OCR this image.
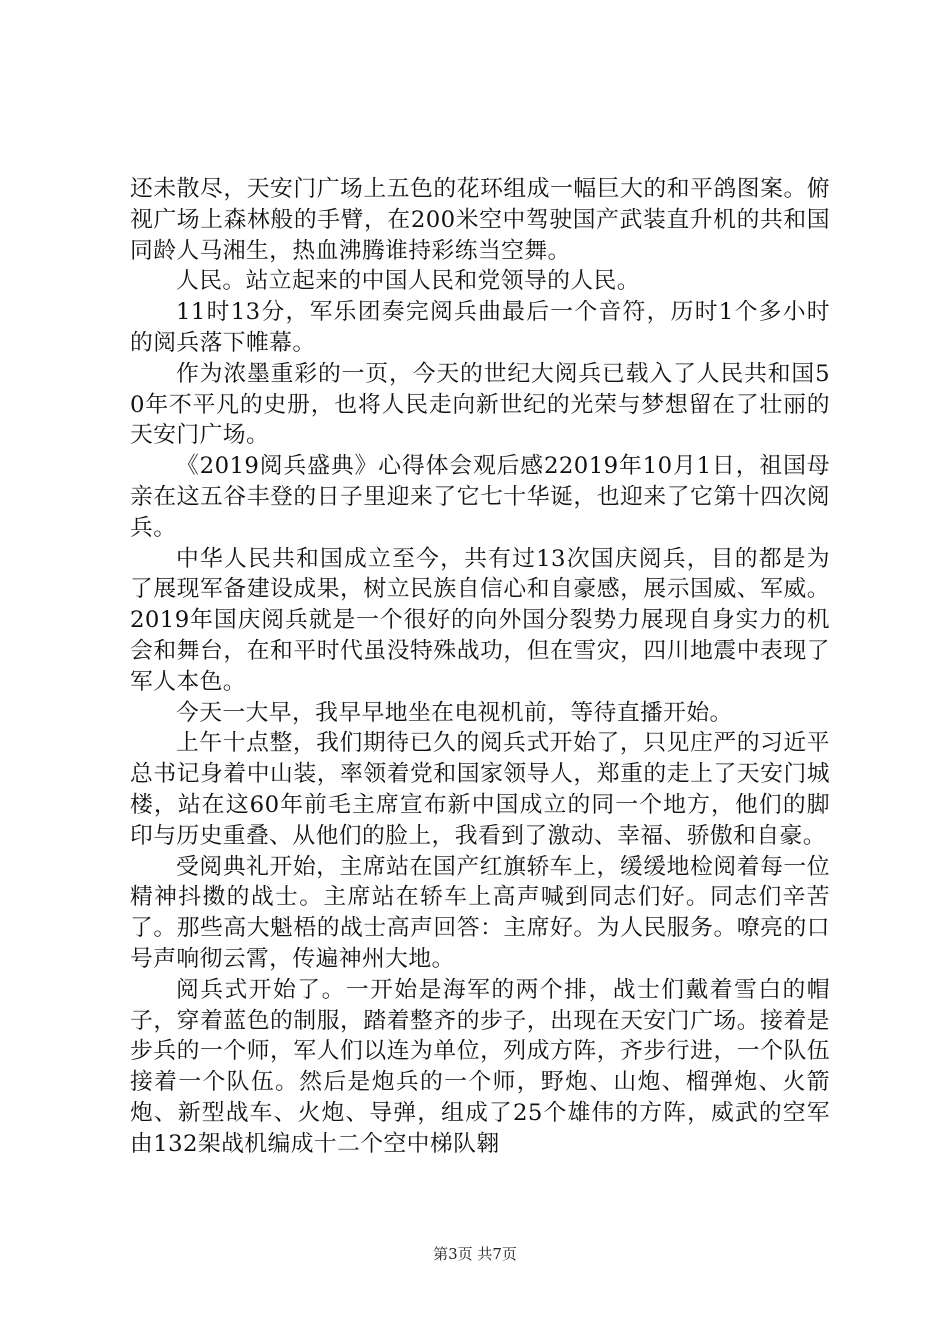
还未散尽，天安门广场上五色的花环组成一幅巨大的和平鸽图案。俯视广场上森林般的手臂，在200米空中驾驶国产武装直升机的共和国同龄人马湘生，热血沸腾谁持彩练当空舞。

人民。站立起来的中国人民和党领导的人民。

11时13分，军乐团奏完阅兵曲最后一个音符，历时1个多小时的阅兵落下帷幕。

作为浓墨重彩的一页，今天的世纪大阅兵已载入了人民共和国50年不平凡的史册，也将人民走向新世纪的光荣与梦想留在了壮丽的天安门广场。

《2019阅兵盛典》心得体会观后感22019年10月1日，祖国母亲在这五谷丰登的日子里迎来了它七十华诞，也迎来了它第十四次阅兵。

中华人民共和国成立至今，共有过13次国庆阅兵，目的都是为了展现军备建设成果，树立民族自信心和自豪感，展示国威、军威。2019年国庆阅兵就是一个很好的向外国分裂势力展现自身实力的机会和舞台，在和平时代虽没特殊战功，但在雪灾，四川地震中表现了军人本色。

今天一大早，我早早地坐在电视机前，等待直播开始。

上午十点整，我们期待已久的阅兵式开始了，只见庄严的习近平总书记身着中山装，率领着党和国家领导人，郑重的走上了天安门城楼，站在这60年前毛主席宣布新中国成立的同一个地方，他们的脚印与历史重叠、从他们的脸上，我看到了激动、幸福、骄傲和自豪。

受阅典礼开始，主席站在国产红旗轿车上，缓缓地检阅着每一位精神抖擞的战士。主席站在轿车上高声喊到同志们好。同志们辛苦了。那些高大魁梧的战士高声回答：主席好。为人民服务。嘹亮的口号声响彻云霄，传遍神州大地。

阅兵式开始了。一开始是海军的两个排，战士们戴着雪白的帽子，穿着蓝色的制服，踏着整齐的步子，出现在天安门广场。接着是步兵的一个师，军人们以连为单位，列成方阵，齐步行进，一个队伍接着一个队伍。然后是炮兵的一个师，野炮、山炮、榴弹炮、火箭炮、新型战车、火炮、导弹，组成了25个雄伟的方阵，威武的空军由132架战机编成十二个空中梯队翱

第3页 共7页
